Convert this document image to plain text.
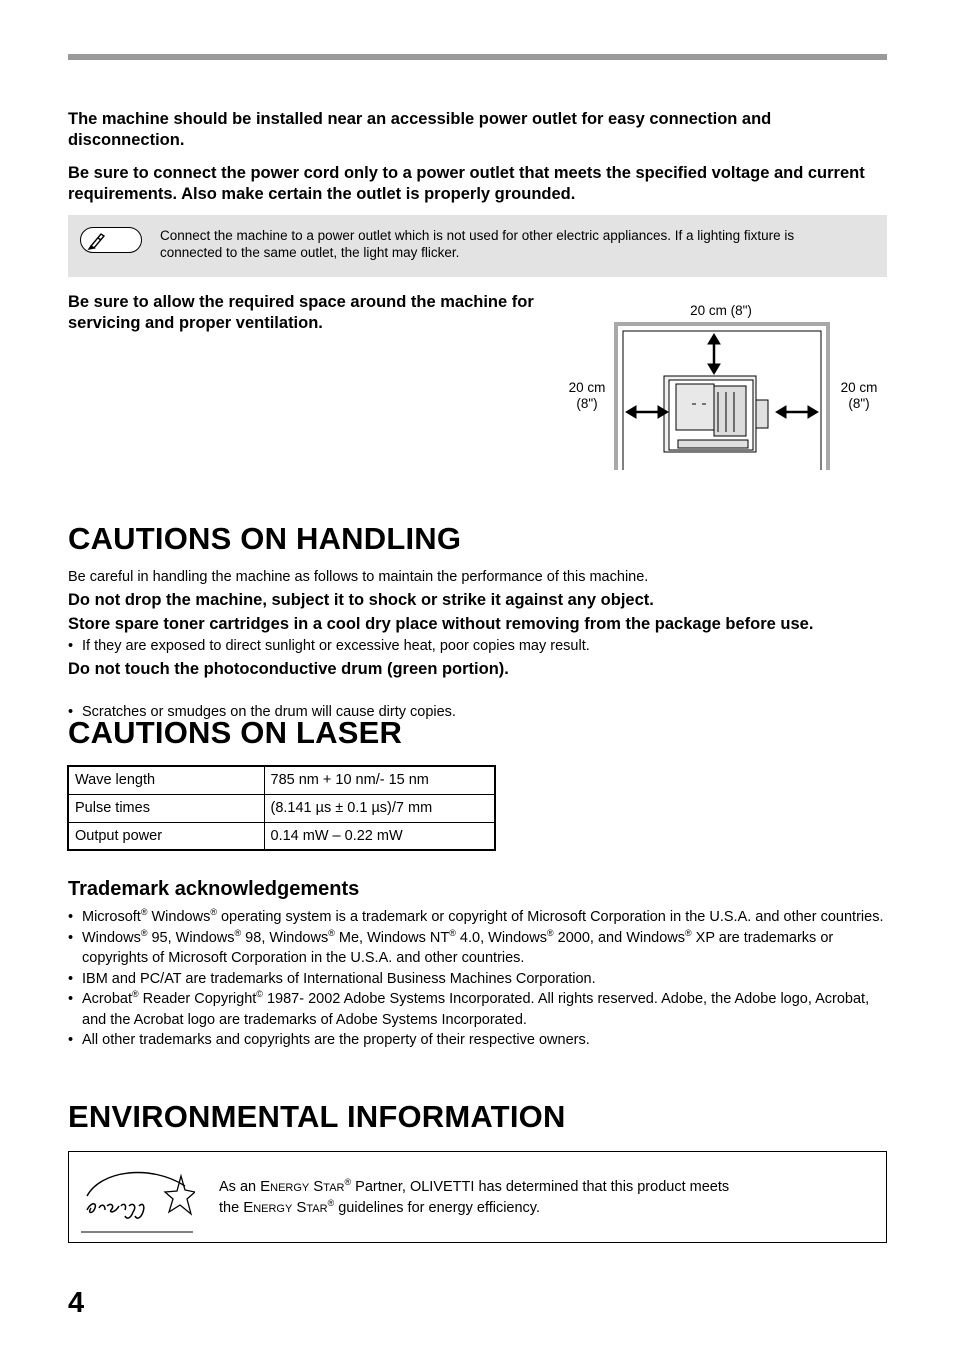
The machine should be installed near an accessible power outlet for easy connection and disconnection.

Be sure to connect the power cord only to a power outlet that meets the specified voltage and current requirements. Also make certain the outlet is properly grounded.

Connect the machine to a power outlet which is not used for other electric appliances. If a lighting fixture is connected to the same outlet, the light may flicker.

Be sure to allow the required space around the machine for servicing and proper ventilation.

20 cm (8")
20 cm
(8")
20 cm
(8")
CAUTIONS ON HANDLING

Be careful in handling the machine as follows to maintain the performance of this machine.

Do not drop the machine, subject it to shock or strike it against any object.

Store spare toner cartridges in a cool dry place without removing from the package before use.

• If they are exposed to direct sunlight or excessive heat, poor copies may result.

Do not touch the photoconductive drum (green portion).

• Scratches or smudges on the drum will cause dirty copies.
CAUTIONS ON LASER
Wave length	785 nm + 10 nm/- 15 nm
Pulse times	(8.141 µs ± 0.1 µs)/7 mm
Output power	0.14 mW – 0.22 mW
Trademark acknowledgements
• Microsoft® Windows® operating system is a trademark or copyright of Microsoft Corporation in the U.S.A. and other countries.
• Windows® 95, Windows® 98, Windows® Me, Windows NT® 4.0, Windows® 2000, and Windows® XP are trademarks or copyrights of Microsoft Corporation in the U.S.A. and other countries.
• IBM and PC/AT are trademarks of International Business Machines Corporation.
• Acrobat® Reader Copyright© 1987- 2002 Adobe Systems Incorporated. All rights reserved. Adobe, the Adobe logo, Acrobat, and the Acrobat logo are trademarks of Adobe Systems Incorporated.
• All other trademarks and copyrights are the property of their respective owners.
ENVIRONMENTAL INFORMATION
As an ENERGY STAR® Partner, OLIVETTI has determined that this product meets
the ENERGY STAR® guidelines for energy efficiency.
4
